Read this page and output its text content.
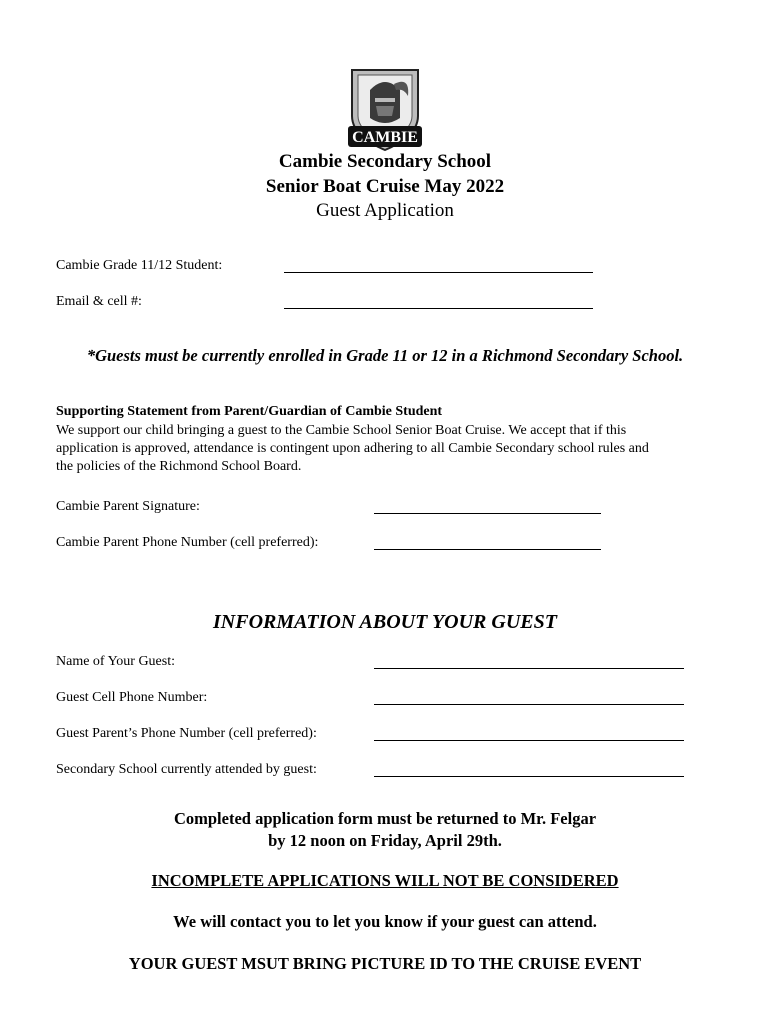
CAMBIE
Cambie Secondary School
Senior Boat Cruise May 2022
Guest Application
Cambie Grade 11/12 Student:
Email & cell #:
*Guests must be currently enrolled in Grade 11 or 12 in a Richmond Secondary School.
Supporting Statement from Parent/Guardian of Cambie Student
We support our child bringing a guest to the Cambie School Senior Boat Cruise. We accept that if this
application is approved, attendance is contingent upon adhering to all Cambie Secondary school rules and
the policies of the Richmond School Board.
Cambie Parent Signature:
Cambie Parent Phone Number (cell preferred):
INFORMATION ABOUT YOUR GUEST
Name of Your Guest:
Guest Cell Phone Number:
Guest Parent’s Phone Number (cell preferred):
Secondary School currently attended by guest:
Completed application form must be returned to Mr. Felgar
by 12 noon on Friday, April 29th.
INCOMPLETE APPLICATIONS WILL NOT BE CONSIDERED
We will contact you to let you know if your guest can attend.
YOUR GUEST MSUT BRING PICTURE ID TO THE CRUISE EVENT
